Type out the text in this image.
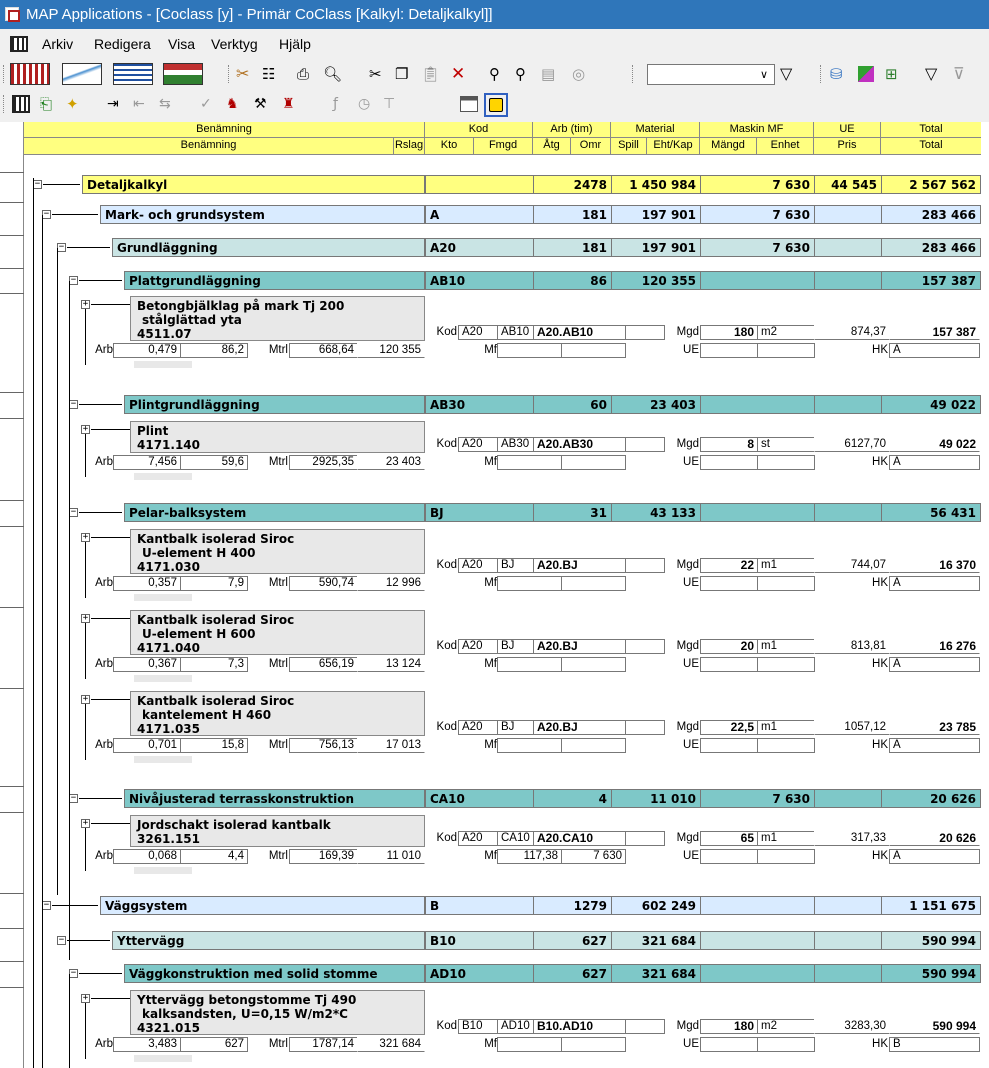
MAP Applications - [Coclass [y] - Primär CoClass [Kalkyl: Detaljkalkyl]]
Arkiv Redigera Visa Verktyg Hjälp
✂ ☷	⎙ 🔍︎ ✂ ❐ 📋︎ ✕ ⚲	⚲	▤ ◎	∨ ▽	⛁	⊞	▽ ⊽
⎗ ✦	⇥	⇤	⇆	✓	♞	⚒	♜	ƒ	◷ ⊤
Benämning	Kod	Arb (tim)	Material	Maskin MF	UE	Total
Benämning	Rslag	Kto	Fmgd	Åtg	Omr	Spill	Eht/Kap	Mängd	Enhet	Pris	Total
−	Detaljkalkyl	2478	1 450 984	7 630	44 545	2 567 562
−	Mark- och grundsystem	A	181	197 901	7 630	283 466
−	Grundläggning	A20	181	197 901	7 630	283 466
−	Plattgrundläggning	AB10	86	120 355	157 387
+	Betongbjälklag på mark Tj 200
stålglättad yta
4511.07	Kod A20	AB10 A20.AB10	Mgd	180 m2	874,37	157 387
Arb	0,479	86,2	Mtrl	668,64	120 355	Mf	UE	HK A
−	Plintgrundläggning	AB30	60	23 403	49 022
+	Plint
4171.140	Kod A20	AB30 A20.AB30	Mgd	8 st	6127,70	49 022
Arb	7,456	59,6	Mtrl	2925,35	23 403	Mf	UE	HK A
−	Pelar-balksystem	BJ	31	43 133	56 431
+	Kantbalk isolerad Siroc
U-element H 400
4171.030	Kod A20	BJ	A20.BJ	Mgd	22 m1	744,07	16 370
Arb	0,357	7,9	Mtrl	590,74	12 996	Mf	UE	HK A
+	Kantbalk isolerad Siroc
U-element H 600
4171.040	Kod A20	BJ	A20.BJ	Mgd	20 m1	813,81	16 276
Arb	0,367	7,3	Mtrl	656,19	13 124	Mf	UE	HK A
+	Kantbalk isolerad Siroc
kantelement H 460
4171.035	Kod A20	BJ	A20.BJ	Mgd	22,5 m1	1057,12	23 785
Arb	0,701	15,8	Mtrl	756,13	17 013	Mf	UE	HK A
−	Nivåjusterad terrasskonstruktion	CA10	4	11 010	7 630	20 626
+	Jordschakt isolerad kantbalk
3261.151	Kod A20	CA10 A20.CA10	Mgd	65 m1	317,33	20 626
Arb	0,068	4,4	Mtrl	169,39	11 010	Mf	117,38	7 630	UE	HK A
−	Väggsystem	B	1279	602 249	1 151 675
−	Yttervägg	B10	627	321 684	590 994
−	Väggkonstruktion med solid stomme	AD10	627	321 684	590 994
+	Yttervägg betongstomme Tj 490
kalksandsten, U=0,15 W/m2*C
4321.015	Kod B10	AD10 B10.AD10	Mgd	180 m2	3283,30	590 994
Arb	3,483	627	Mtrl	1787,14	321 684	Mf	UE	HK B
